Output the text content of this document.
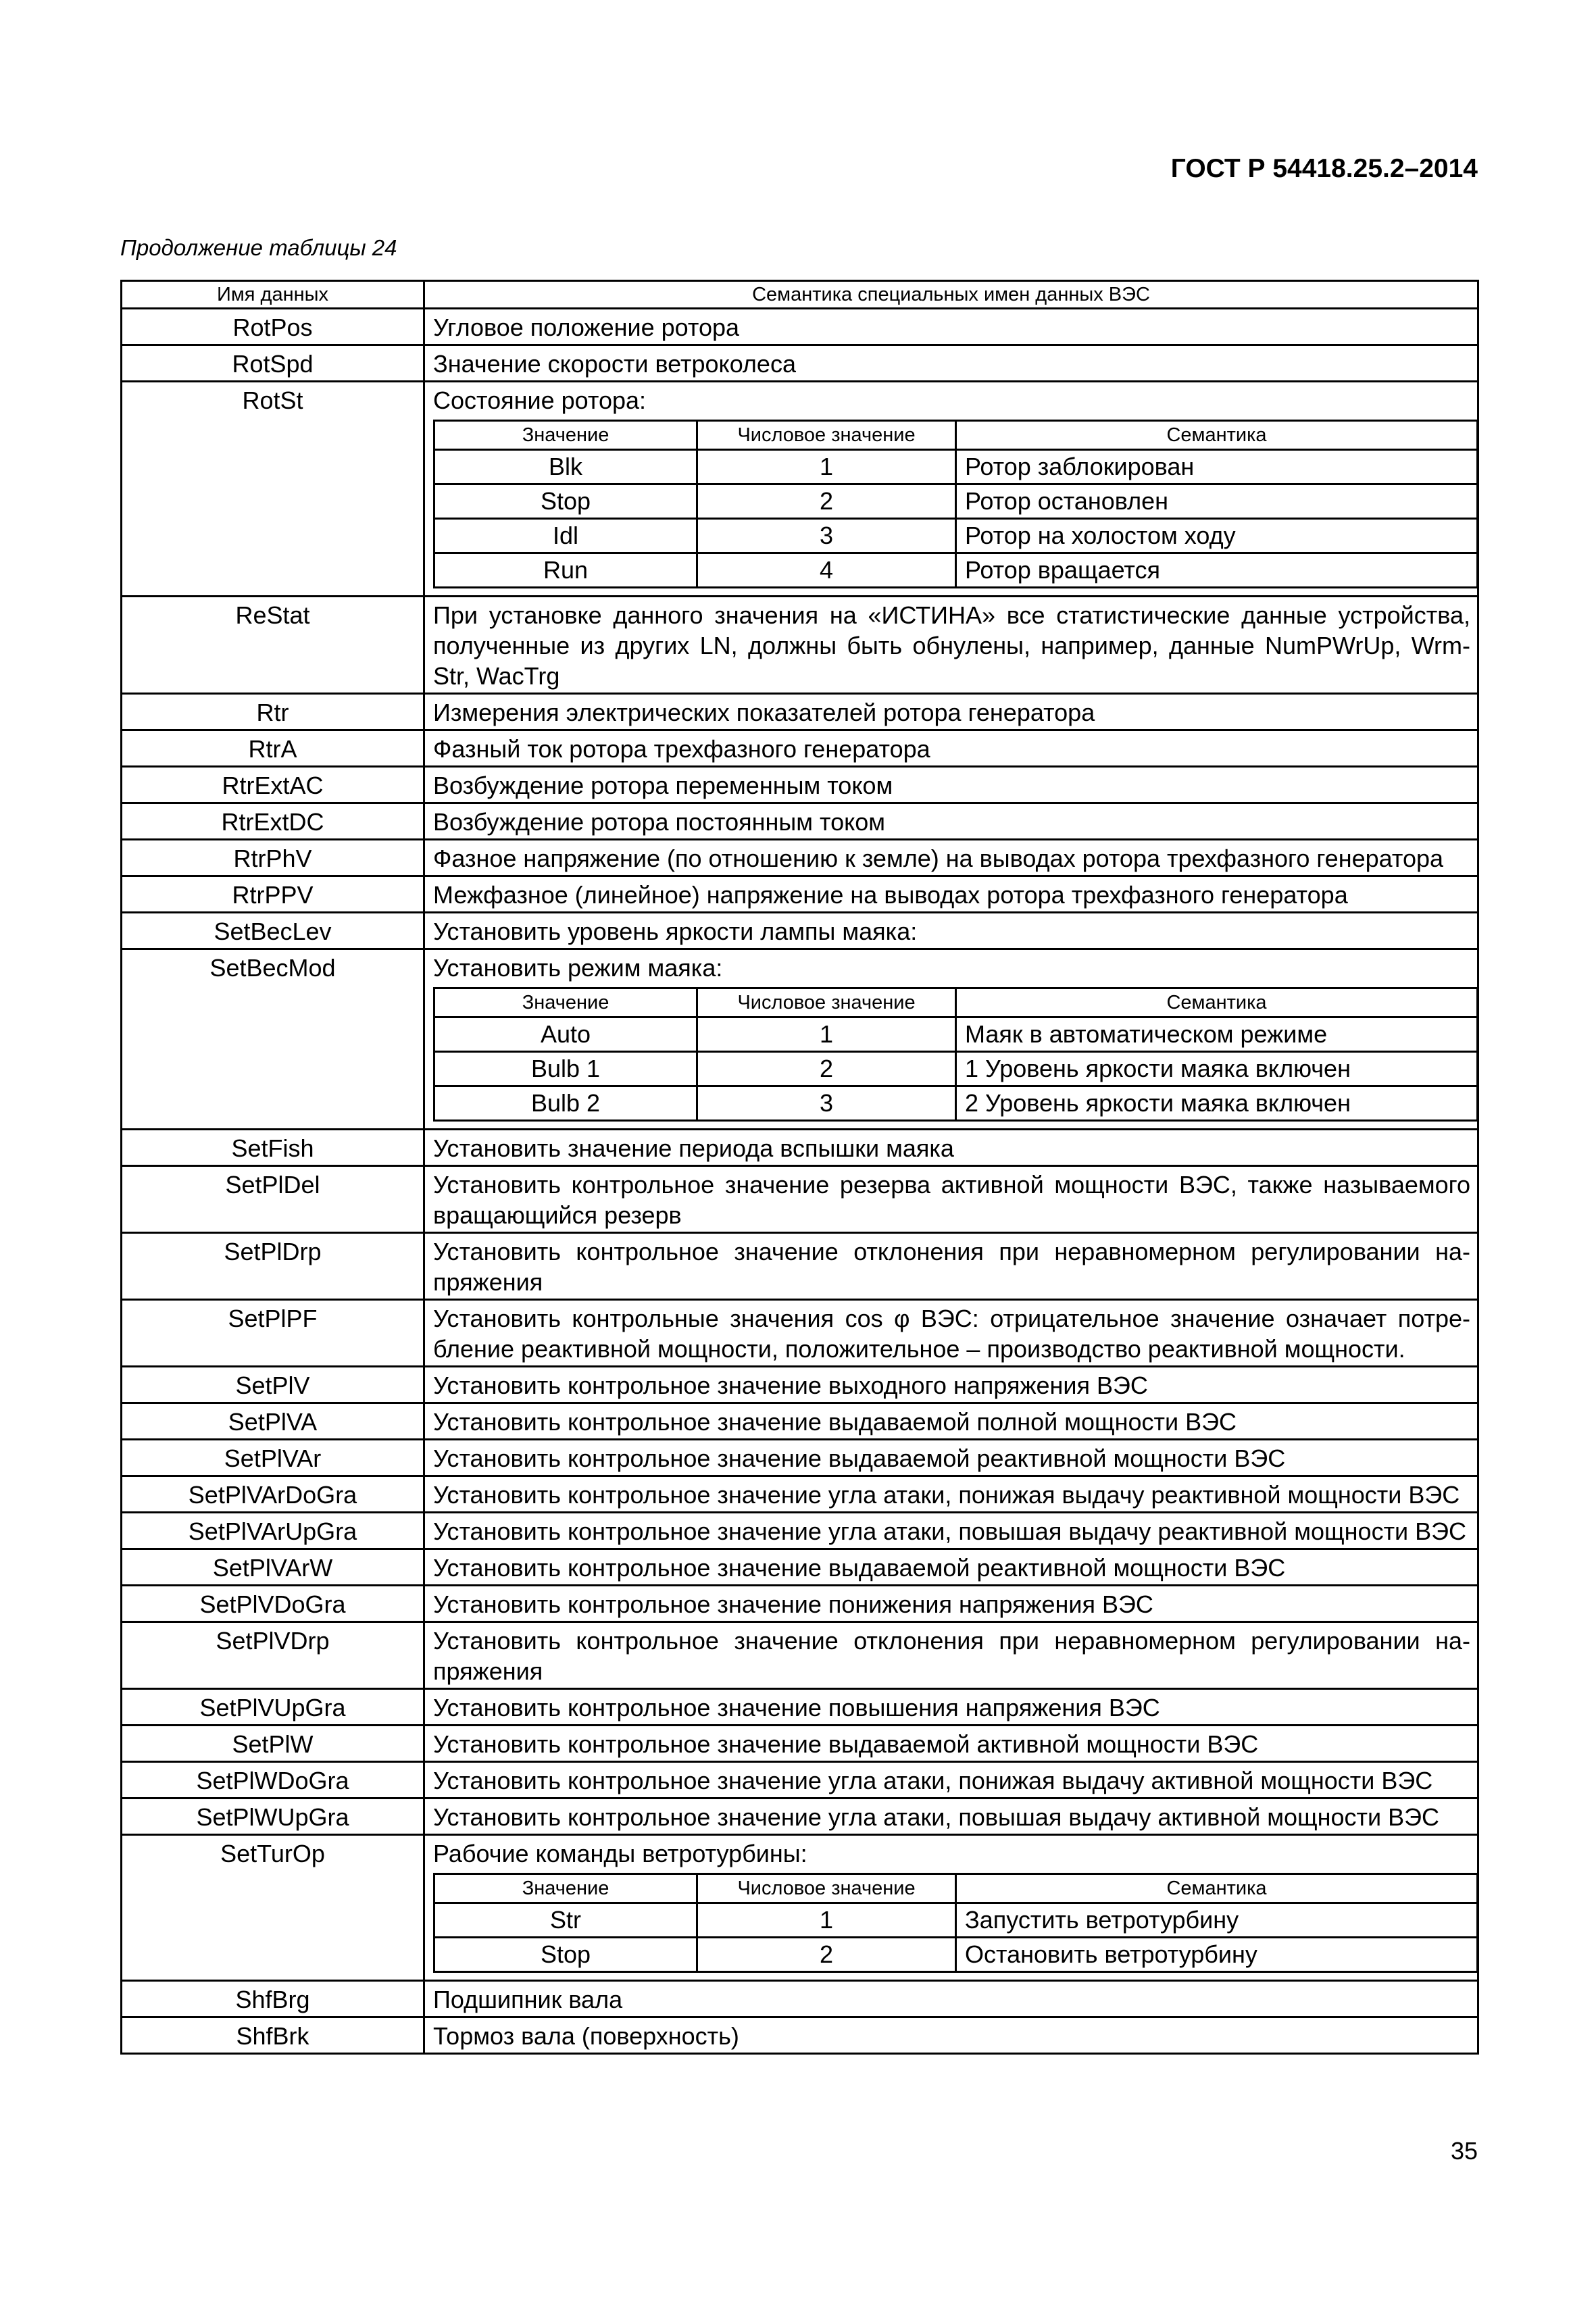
ГОСТ Р 54418.25.2–2014
Продолжение таблицы 24
Имя данных	Семантика специальных имен данных ВЭС
RotPos	Угловое положение ротора

RotSpd	Значение скорости ветроколеса

RotSt	Состояние ротора:
Значение	Числовое значение	Семантика
Blk	1	Ротор заблокирован
Stop	2	Ротор остановлен
Idl	3	Ротор на холостом ходу
Run	4	Ротор вращается

ReStat	При установке данного значения на «ИСТИНА» все статистические данные устройства, полученные из других LN, должны быть обнулены, например, данные NumPWrUp, Wrm-Str, WacTrg

Rtr	Измерения электрических показателей ротора генератора

RtrA	Фазный ток ротора трехфазного генератора

RtrExtAC	Возбуждение ротора переменным током

RtrExtDC	Возбуждение ротора постоянным током

RtrPhV	Фазное напряжение (по отношению к земле) на выводах ротора трехфазного генератора

RtrPPV	Межфазное (линейное) напряжение на выводах ротора трехфазного генератора

SetBecLev	Установить уровень яркости лампы маяка:

SetBecMod	Установить режим маяка:
Значение	Числовое значение	Семантика
Auto	1	Маяк в автоматическом режиме
Bulb 1	2	1 Уровень яркости маяка включен
Bulb 2	3	2 Уровень яркости маяка включен

SetFish	Установить значение периода вспышки маяка

SetPlDel	Установить контрольное значение резерва активной мощности ВЭС, также называемого вращающийся резерв

SetPlDrp	Установить контрольное значение отклонения при неравномерном регулировании на-пряжения

SetPlPF	Установить контрольные значения cos φ ВЭС: отрицательное значение означает потре-бление реактивной мощности, положительное – производство реактивной мощности.

SetPlV	Установить контрольное значение выходного напряжения ВЭС

SetPlVA	Установить контрольное значение выдаваемой полной мощности ВЭС

SetPlVAr	Установить контрольное значение выдаваемой реактивной мощности ВЭС

SetPlVArDoGra	Установить контрольное значение угла атаки, понижая выдачу реактивной мощности ВЭС

SetPlVArUpGra	Установить контрольное значение угла атаки, повышая выдачу реактивной мощности ВЭС

SetPlVArW	Установить контрольное значение выдаваемой реактивной мощности ВЭС

SetPlVDoGra	Установить контрольное значение понижения напряжения ВЭС

SetPlVDrp	Установить контрольное значение отклонения при неравномерном регулировании на-пряжения

SetPlVUpGra	Установить контрольное значение повышения напряжения ВЭС

SetPlW	Установить контрольное значение выдаваемой активной мощности ВЭС

SetPlWDoGra	Установить контрольное значение угла атаки, понижая выдачу активной мощности ВЭС

SetPlWUpGra	Установить контрольное значение угла атаки, повышая выдачу активной мощности ВЭС

SetTurOp	Рабочие команды ветротурбины:
Значение	Числовое значение	Семантика
Str	1	Запустить ветротурбину
Stop	2	Остановить ветротурбину

ShfBrg	Подшипник вала

ShfBrk	Тормоз вала (поверхность)
35
